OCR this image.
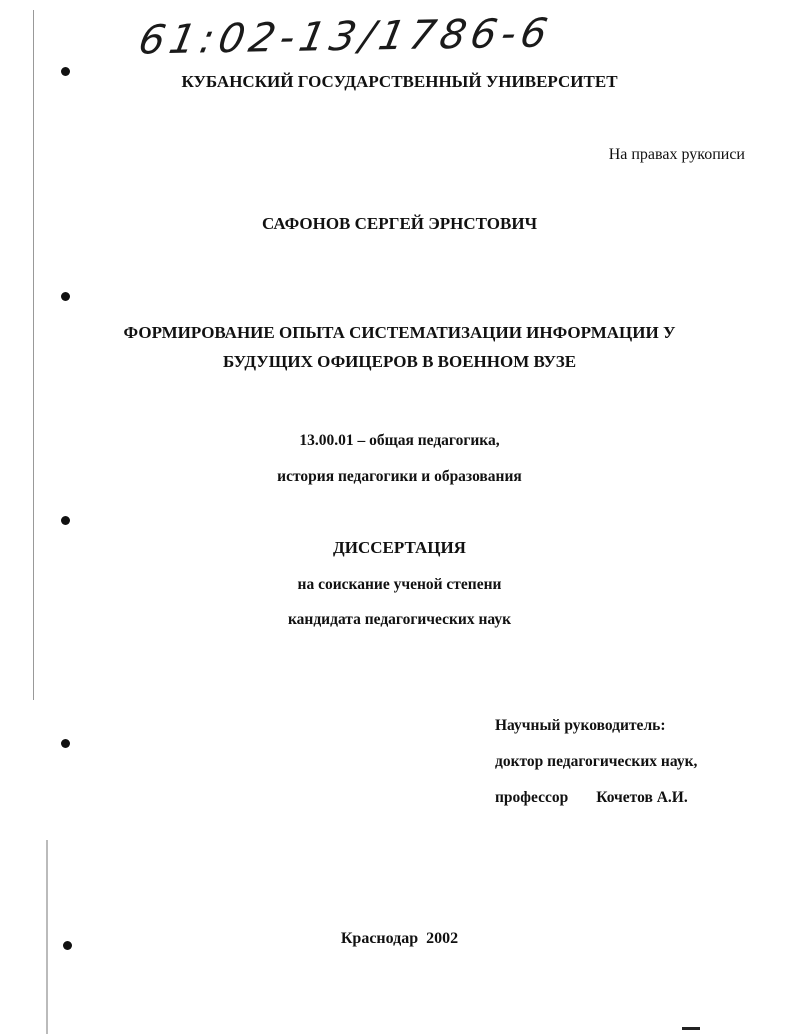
61:02-13/1786-6
КУБАНСКИЙ ГОСУДАРСТВЕННЫЙ УНИВЕРСИТЕТ
На правах рукописи
САФОНОВ СЕРГЕЙ ЭРНСТОВИЧ
ФОРМИРОВАНИЕ ОПЫТА СИСТЕМАТИЗАЦИИ ИНФОРМАЦИИ У
БУДУЩИХ ОФИЦЕРОВ В ВОЕННОМ ВУЗЕ
13.00.01 – общая педагогика,
история педагогики и образования
ДИССЕРТАЦИЯ
на соискание ученой степени
кандидата педагогических наук
Научный руководитель:
доктор педагогических наук,
профессор Кочетов А.И.
Краснодар  2002
